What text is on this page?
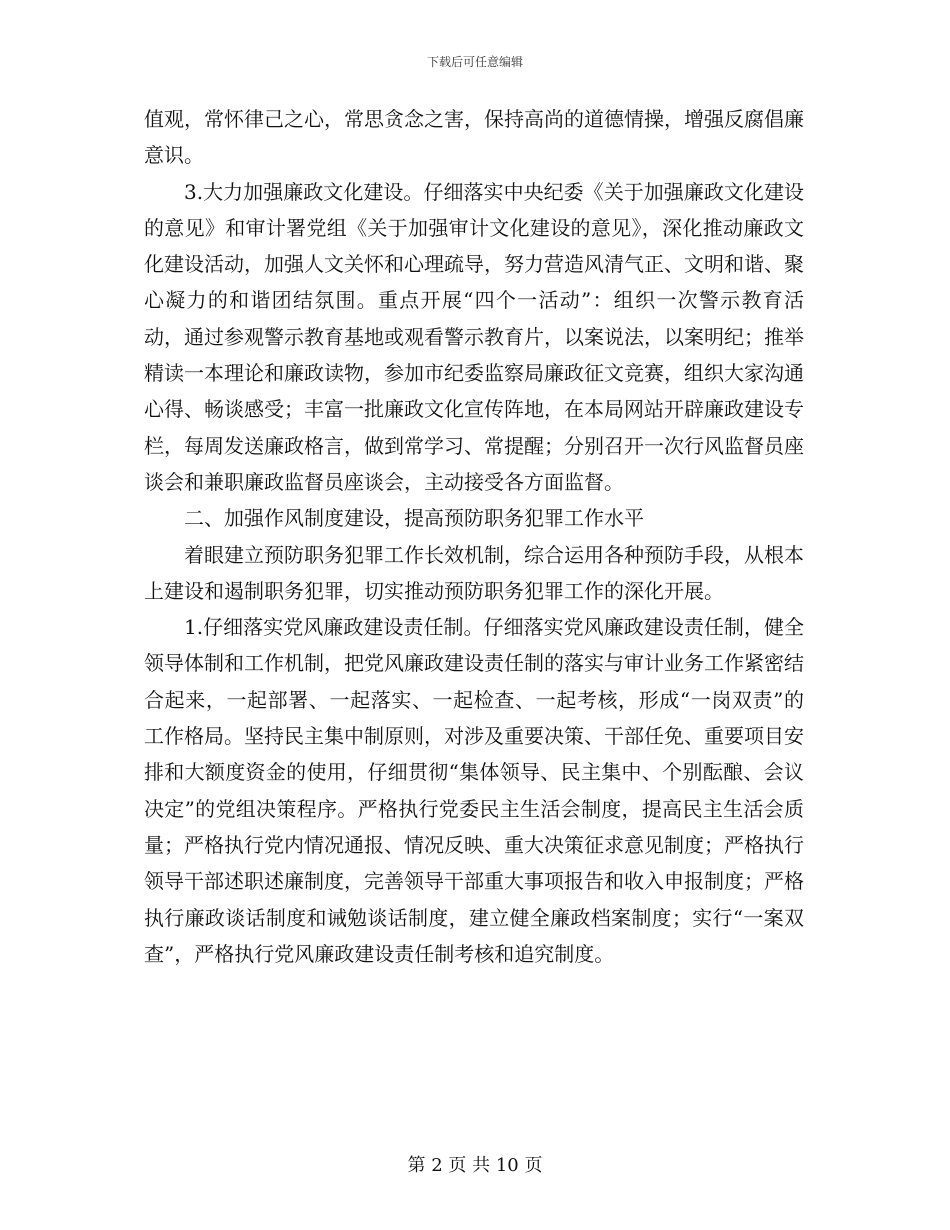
下载后可任意编辑

值观，常怀律己之心，常思贪念之害，保持高尚的道德情操，增强反腐倡廉意识。

3.大力加强廉政文化建设。仔细落实中央纪委《关于加强廉政文化建设的意见》和审计署党组《关于加强审计文化建设的意见》，深化推动廉政文化建设活动，加强人文关怀和心理疏导，努力营造风清气正、文明和谐、聚心凝力的和谐团结氛围。重点开展“四个一活动”：组织一次警示教育活动，通过参观警示教育基地或观看警示教育片，以案说法，以案明纪；推举精读一本理论和廉政读物，参加市纪委监察局廉政征文竞赛，组织大家沟通心得、畅谈感受；丰富一批廉政文化宣传阵地，在本局网站开辟廉政建设专栏，每周发送廉政格言，做到常学习、常提醒；分别召开一次行风监督员座谈会和兼职廉政监督员座谈会，主动接受各方面监督。

二、加强作风制度建设，提高预防职务犯罪工作水平

着眼建立预防职务犯罪工作长效机制，综合运用各种预防手段，从根本上建设和遏制职务犯罪，切实推动预防职务犯罪工作的深化开展。

1.仔细落实党风廉政建设责任制。仔细落实党风廉政建设责任制，健全领导体制和工作机制，把党风廉政建设责任制的落实与审计业务工作紧密结合起来，一起部署、一起落实、一起检查、一起考核，形成“一岗双责”的工作格局。坚持民主集中制原则，对涉及重要决策、干部任免、重要项目安排和大额度资金的使用，仔细贯彻“集体领导、民主集中、个别酝酿、会议决定”的党组决策程序。严格执行党委民主生活会制度，提高民主生活会质量；严格执行党内情况通报、情况反映、重大决策征求意见制度；严格执行领导干部述职述廉制度，完善领导干部重大事项报告和收入申报制度；严格执行廉政谈话制度和诫勉谈话制度，建立健全廉政档案制度；实行“一案双查”，严格执行党风廉政建设责任制考核和追究制度。

第 2 页 共 10 页
